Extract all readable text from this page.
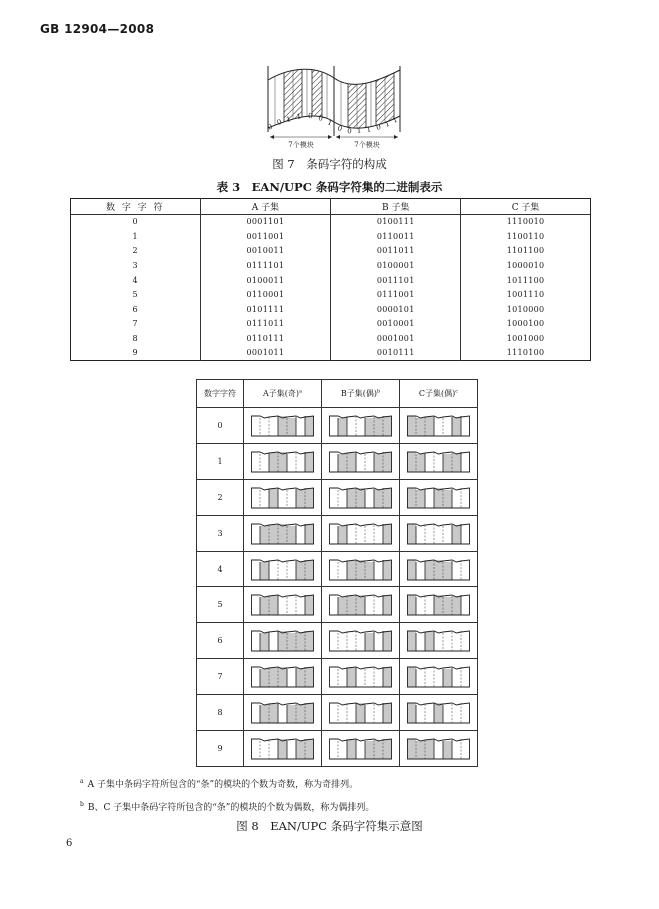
GB 12904—2008
0
0 1 1 0 0 1
0 0 1 1 0 1 1
7个模块	7个模块
图 7　条码字符的构成
表 3　EAN/UPC 条码字符集的二进制表示
数 字 字 符	A 子集	B 子集	C 子集
0	0001101	0100111	1110010
1	0011001	0110011	1100110
2	0010011	0011011	1101100
3	0111101	0100001	1000010
4	0100011	0011101	1011100
5	0110001	0111001	1001110
6	0101111	0000101	1010000
7	0111011	0010001	1000100
8	0110111	0001001	1001000
9	0001011	0010111	1110100
数字字符	A子集(奇)$^a$	B子集(偶)$^b$	C子集(偶)$^c$
0	

1	

2	

3	

4	

5	

6	

7	

8	

9	

$^a$ A 子集中条码字符所包含的“条”的模块的个数为奇数，称为奇排列。
$^b$ B、C 子集中条码字符所包含的“条”的模块的个数为偶数，称为偶排列。
图 8　EAN/UPC 条码字符集示意图
6
